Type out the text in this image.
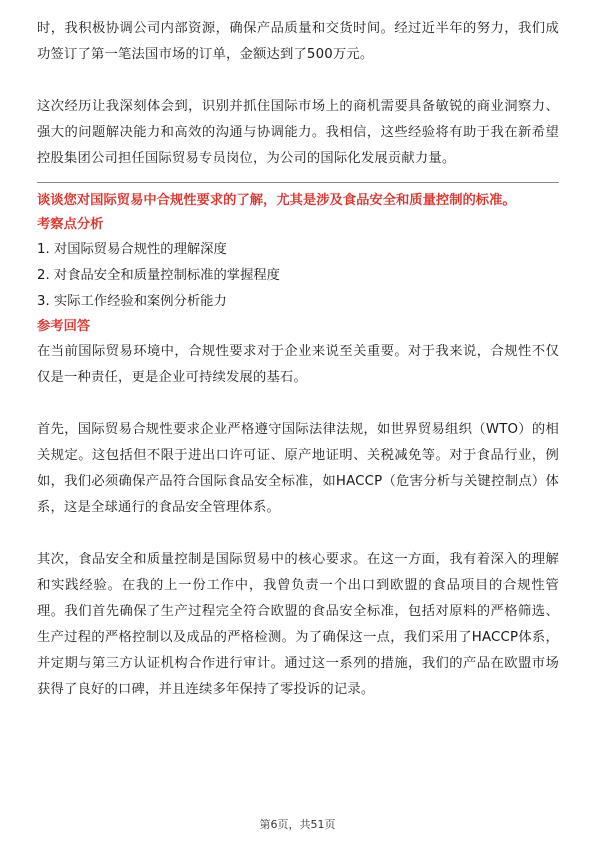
时，我积极协调公司内部资源，确保产品质量和交货时间。经过近半年的努力，我们成功签订了第一笔法国市场的订单，金额达到了500万元。

这次经历让我深刻体会到，识别并抓住国际市场上的商机需要具备敏锐的商业洞察力、强大的问题解决能力和高效的沟通与协调能力。我相信，这些经验将有助于我在新希望控股集团公司担任国际贸易专员岗位，为公司的国际化发展贡献力量。

谈谈您对国际贸易中合规性要求的了解，尤其是涉及食品安全和质量控制的标准。

考察点分析

1. 对国际贸易合规性的理解深度

2. 对食品安全和质量控制标准的掌握程度

3. 实际工作经验和案例分析能力

参考回答

在当前国际贸易环境中，合规性要求对于企业来说至关重要。对于我来说，合规性不仅仅是一种责任，更是企业可持续发展的基石。

首先，国际贸易合规性要求企业严格遵守国际法律法规，如世界贸易组织（WTO）的相关规定。这包括但不限于进出口许可证、原产地证明、关税减免等。对于食品行业，例如，我们必须确保产品符合国际食品安全标准，如HACCP（危害分析与关键控制点）体系，这是全球通行的食品安全管理体系。

其次，食品安全和质量控制是国际贸易中的核心要求。在这一方面，我有着深入的理解和实践经验。在我的上一份工作中，我曾负责一个出口到欧盟的食品项目的合规性管理。我们首先确保了生产过程完全符合欧盟的食品安全标准，包括对原料的严格筛选、生产过程的严格控制以及成品的严格检测。为了确保这一点，我们采用了HACCP体系，并定期与第三方认证机构合作进行审计。通过这一系列的措施，我们的产品在欧盟市场获得了良好的口碑，并且连续多年保持了零投诉的记录。

第6页，共51页
